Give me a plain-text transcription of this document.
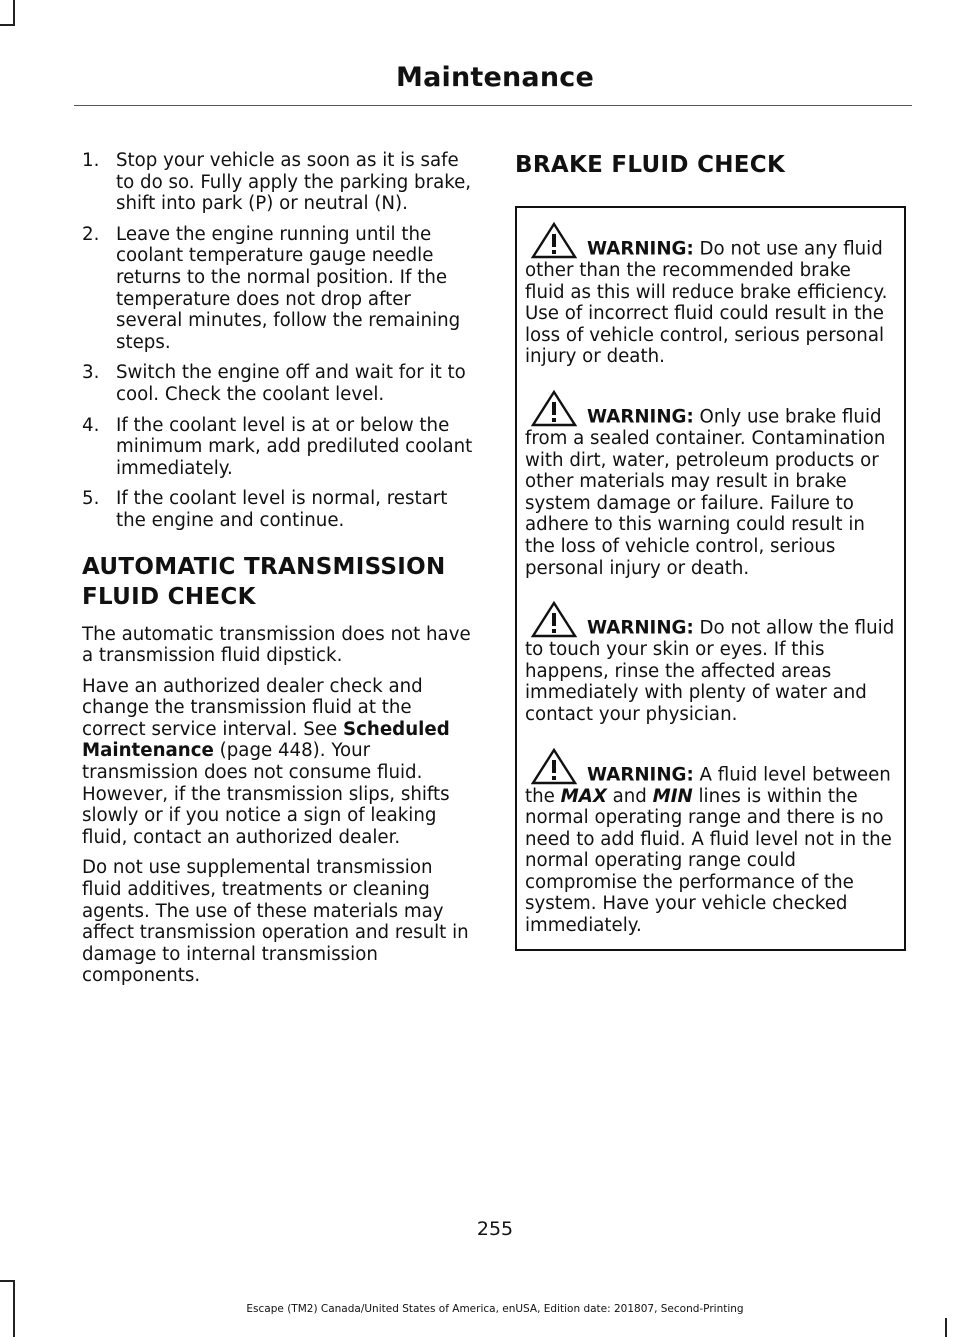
Maintenance
1. Stop your vehicle as soon as it is safe to do so. Fully apply the parking brake, shift into park (P) or neutral (N).
2. Leave the engine running until the coolant temperature gauge needle returns to the normal position. If the temperature does not drop after several minutes, follow the remaining steps.
3. Switch the engine off and wait for it to cool. Check the coolant level.
4. If the coolant level is at or below the minimum mark, add prediluted coolant immediately.
5. If the coolant level is normal, restart the engine and continue.
AUTOMATIC TRANSMISSION
FLUID CHECK

The automatic transmission does not have a transmission fluid dipstick.

Have an authorized dealer check and change the transmission fluid at the correct service interval. See Scheduled Maintenance (page 448). Your transmission does not consume fluid. However, if the transmission slips, shifts slowly or if you notice a sign of leaking fluid, contact an authorized dealer.

Do not use supplemental transmission fluid additives, treatments or cleaning agents. The use of these materials may affect transmission operation and result in damage to internal transmission components.

BRAKE FLUID CHECK

WARNING: Do not use any fluid other than the recommended brake fluid as this will reduce brake efficiency. Use of incorrect fluid could result in the loss of vehicle control, serious personal injury or death.

WARNING: Only use brake fluid from a sealed container. Contamination with dirt, water, petroleum products or other materials may result in brake system damage or failure. Failure to adhere to this warning could result in the loss of vehicle control, serious personal injury or death.

WARNING: Do not allow the fluid to touch your skin or eyes. If this happens, rinse the affected areas immediately with plenty of water and contact your physician.

WARNING: A fluid level between the MAX and MIN lines is within the normal operating range and there is no need to add fluid. A fluid level not in the normal operating range could compromise the performance of the system. Have your vehicle checked immediately.

255
Escape (TM2) Canada/United States of America, enUSA, Edition date: 201807, Second-Printing
